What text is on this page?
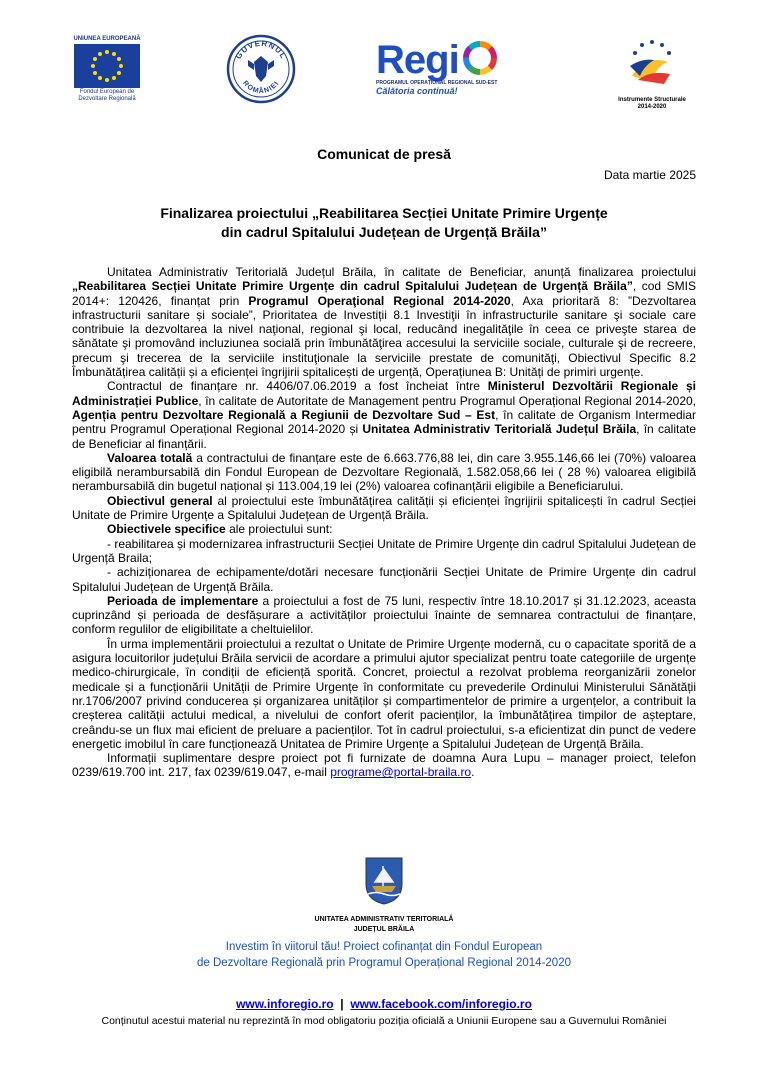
UNIUNEA EUROPEANĂ
Fondul European de
Dezvoltare Regională
GUVERNUL
ROMÂNIEI
Regi
PROGRAMUL OPERAȚIONAL REGIONAL SUD-EST
Călătoria continuă!
Instrumente Structurale
2014-2020
Comunicat de presă
Data martie 2025
Finalizarea proiectului „Reabilitarea Secției Unitate Primire Urgențe
din cadrul Spitalului Județean de Urgență Brăila”

Unitatea Administrativ Teritorială Județul Brăila, în calitate de Beneficiar, anunță finalizarea proiectului „Reabilitarea Secției Unitate Primire Urgențe din cadrul Spitalului Județean de Urgență Brăila”, cod SMIS 2014+: 120426, finanțat prin Programul Operaţional Regional 2014-2020, Axa prioritară 8: ”Dezvoltarea infrastructurii sanitare și sociale”, Prioritatea de Investiții 8.1 Investiţii în infrastructurile sanitare şi sociale care contribuie la dezvoltarea la nivel naţional, regional şi local, reducând inegalităţile în ceea ce priveşte starea de sănătate şi promovând incluziunea socială prin îmbunătăţirea accesului la serviciile sociale, culturale şi de recreere, precum şi trecerea de la serviciile instituţionale la serviciile prestate de comunităţi, Obiectivul Specific 8.2 Îmbunătățirea calității și a eficienței îngrijirii spitalicești de urgență, Operațiunea B: Unități de primiri urgențe.

Contractul de finanțare nr. 4406/07.06.2019 a fost încheiat între Ministerul Dezvoltării Regionale și Administrației Publice, în calitate de Autoritate de Management pentru Programul Operațional Regional 2014-2020, Agenția pentru Dezvoltare Regională a Regiunii de Dezvoltare Sud – Est, în calitate de Organism Intermediar pentru Programul Operațional Regional 2014-2020 și Unitatea Administrativ Teritorială Județul Brăila, în calitate de Beneficiar al finanțării.

Valoarea totală a contractului de finanțare este de 6.663.776,88 lei, din care 3.955.146,66 lei (70%) valoarea eligibilă nerambursabilă din Fondul European de Dezvoltare Regională, 1.582.058,66 lei ( 28 %) valoarea eligibilă nerambursabilă din bugetul național și 113.004,19 lei (2%) valoarea cofinanțării eligibile a Beneficiarului.

Obiectivul general al proiectului este îmbunătățirea calității și eficienței îngrijirii spitalicești în cadrul Secției Unitate de Primire Urgențe a Spitalului Județean de Urgență Brăila.

Obiectivele specifice ale proiectului sunt:

- reabilitarea și modernizarea infrastructurii Secției Unitate de Primire Urgențe din cadrul Spitalului Județean de Urgență Braila;

- achiziționarea de echipamente/dotări necesare funcționării Secției Unitate de Primire Urgențe din cadrul Spitalului Județean de Urgență Brăila.

Perioada de implementare a proiectului a fost de 75 luni, respectiv între 18.10.2017 și 31.12.2023, aceasta cuprinzând și perioada de desfășurare a activităților proiectului înainte de semnarea contractului de finanțare, conform regulilor de eligibilitate a cheltuielilor.

În urma implementării proiectului a rezultat o Unitate de Primire Urgențe modernă, cu o capacitate sporită de a asigura locuitorilor județului Brăila servicii de acordare a primului ajutor specializat pentru toate categoriile de urgențe medico-chirurgicale, în condiții de eficiență sporită. Concret, proiectul a rezolvat problema reorganizării zonelor medicale și a funcționării Unității de Primire Urgențe în conformitate cu prevederile Ordinului Ministerului Sănătății nr.1706/2007 privind conducerea și organizarea unităților și compartimentelor de primire a urgențelor, a contribuit la creșterea calității actului medical, a nivelului de confort oferit pacienților, la îmbunătățirea timpilor de așteptare, creându-se un flux mai eficient de preluare a pacienților. Tot în cadrul proiectului, s-a eficientizat din punct de vedere energetic imobilul în care funcționează Unitatea de Primire Urgențe a Spitalului Județean de Urgență Brăila.

Informații suplimentare despre proiect pot fi furnizate de doamna Aura Lupu – manager proiect, telefon 0239/619.700 int. 217, fax 0239/619.047, e-mail programe@portal-braila.ro.

UNITATEA ADMINISTRATIV TERITORIALĂ
JUDEȚUL BRĂILA
Investim în viitorul tău! Proiect cofinanțat din Fondul European
de Dezvoltare Regională prin Programul Operațional Regional 2014-2020
www.inforegio.ro  |  www.facebook.com/inforegio.ro
Conținutul acestui material nu reprezintă în mod obligatoriu poziția oficială a Uniunii Europene sau a Guvernului României
